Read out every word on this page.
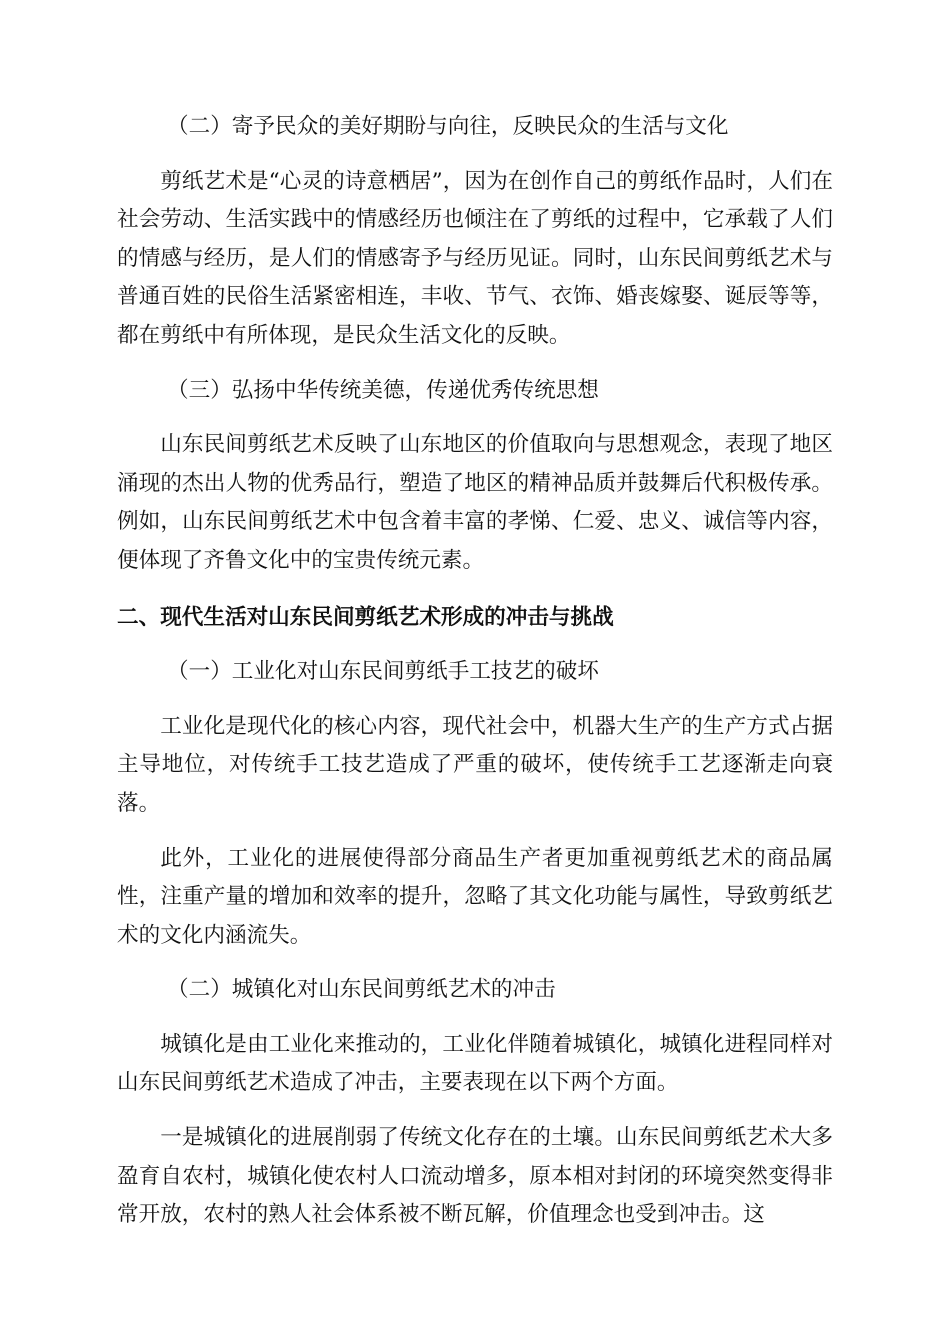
（二）寄予民众的美好期盼与向往，反映民众的生活与文化

剪纸艺术是“心灵的诗意栖居”，因为在创作自己的剪纸作品时，人们在社会劳动、生活实践中的情感经历也倾注在了剪纸的过程中，它承载了人们的情感与经历，是人们的情感寄予与经历见证。同时，山东民间剪纸艺术与普通百姓的民俗生活紧密相连，丰收、节气、衣饰、婚丧嫁娶、诞辰等等，都在剪纸中有所体现，是民众生活文化的反映。

（三）弘扬中华传统美德，传递优秀传统思想

山东民间剪纸艺术反映了山东地区的价值取向与思想观念，表现了地区涌现的杰出人物的优秀品行，塑造了地区的精神品质并鼓舞后代积极传承。例如，山东民间剪纸艺术中包含着丰富的孝悌、仁爱、忠义、诚信等内容，便体现了齐鲁文化中的宝贵传统元素。

二、现代生活对山东民间剪纸艺术形成的冲击与挑战

（一）工业化对山东民间剪纸手工技艺的破坏

工业化是现代化的核心内容，现代社会中，机器大生产的生产方式占据主导地位，对传统手工技艺造成了严重的破坏，使传统手工艺逐渐走向衰落。

此外，工业化的进展使得部分商品生产者更加重视剪纸艺术的商品属性，注重产量的增加和效率的提升，忽略了其文化功能与属性，导致剪纸艺术的文化内涵流失。

（二）城镇化对山东民间剪纸艺术的冲击

城镇化是由工业化来推动的，工业化伴随着城镇化，城镇化进程同样对山东民间剪纸艺术造成了冲击，主要表现在以下两个方面。

一是城镇化的进展削弱了传统文化存在的土壤。山东民间剪纸艺术大多盈育自农村，城镇化使农村人口流动增多，原本相对封闭的环境突然变得非常开放，农村的熟人社会体系被不断瓦解，价值理念也受到冲击。这
